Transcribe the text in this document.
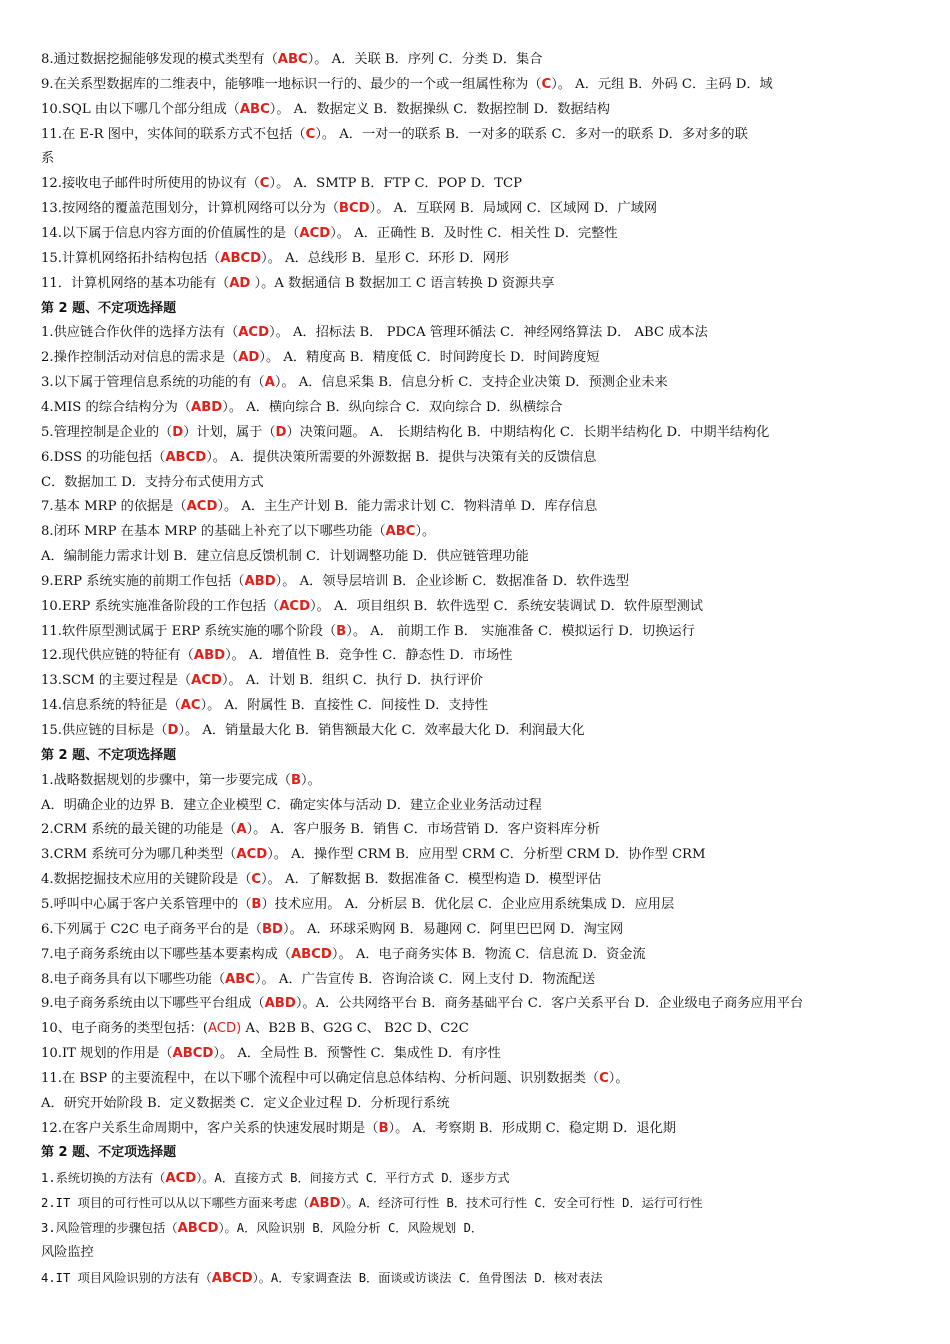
8.通过数据挖掘能够发现的模式类型有（ABC）。 A．关联 B．序列 C．分类 D．集合
9.在关系型数据库的二维表中，能够唯一地标识一行的、最少的一个或一组属性称为（C）。 A．元组 B．外码 C．主码 D．域
10.SQL 由以下哪几个部分组成（ABC）。 A．数据定义 B．数据操纵 C．数据控制 D．数据结构
11.在 E-R 图中，实体间的联系方式不包括（C）。 A．一对一的联系 B．一对多的联系 C．多对一的联系 D．多对多的联
系
12.接收电子邮件时所使用的协议有（C）。 A．SMTP B．FTP C．POP D．TCP
13.按网络的覆盖范围划分，计算机网络可以分为（BCD）。 A．互联网 B．局域网 C．区域网 D．广域网
14.以下属于信息内容方面的价值属性的是（ACD）。 A．正确性 B．及时性 C．相关性 D．完整性
15.计算机网络拓扑结构包括（ABCD）。 A．总线形 B．星形 C．环形 D．网形
11．计算机网络的基本功能有（AD ）。A 数据通信 B 数据加工 C 语言转换 D 资源共享
第 2 题、不定项选择题
1.供应链合作伙伴的选择方法有（ACD）。 A．招标法 B． PDCA 管理环循法 C．神经网络算法 D． ABC 成本法
2.操作控制活动对信息的需求是（AD）。 A．精度高 B．精度低 C．时间跨度长 D．时间跨度短
3.以下属于管理信息系统的功能的有（A）。 A．信息采集 B．信息分析 C．支持企业决策 D．预测企业未来
4.MIS 的综合结构分为（ABD）。 A．横向综合 B．纵向综合 C．双向综合 D．纵横综合
5.管理控制是企业的（D）计划，属于（D）决策问题。 A． 长期结构化 B．中期结构化 C．长期半结构化 D．中期半结构化
6.DSS 的功能包括（ABCD）。 A．提供决策所需要的外源数据 B．提供与决策有关的反馈信息
C．数据加工 D．支持分布式使用方式
7.基本 MRP 的依据是（ACD）。 A．主生产计划 B．能力需求计划 C．物料清单 D．库存信息
8.闭环 MRP 在基本 MRP 的基础上补充了以下哪些功能（ABC）。
A．编制能力需求计划 B．建立信息反馈机制 C．计划调整功能 D．供应链管理功能
9.ERP 系统实施的前期工作包括（ABD）。 A．领导层培训 B．企业诊断 C．数据准备 D．软件选型
10.ERP 系统实施准备阶段的工作包括（ACD）。 A．项目组织 B．软件选型 C．系统安装调试 D．软件原型测试
11.软件原型测试属于 ERP 系统实施的哪个阶段（B）。 A． 前期工作 B． 实施准备 C．模拟运行 D．切换运行
12.现代供应链的特征有（ABD）。 A．增值性 B．竞争性 C．静态性 D．市场性
13.SCM 的主要过程是（ACD）。 A．计划 B．组织 C．执行 D．执行评价
14.信息系统的特征是（AC）。 A．附属性 B．直接性 C．间接性 D．支持性
15.供应链的目标是（D）。 A．销量最大化 B．销售额最大化 C．效率最大化 D．利润最大化
第 2 题、不定项选择题
1.战略数据规划的步骤中，第一步要完成（B）。
A．明确企业的边界 B．建立企业模型 C．确定实体与活动 D．建立企业业务活动过程
2.CRM 系统的最关键的功能是（A）。 A．客户服务 B．销售 C．市场营销 D．客户资料库分析
3.CRM 系统可分为哪几种类型（ACD）。 A．操作型 CRM B．应用型 CRM C．分析型 CRM D．协作型 CRM
4.数据挖掘技术应用的关键阶段是（C）。 A．了解数据 B．数据准备 C．模型构造 D．模型评估
5.呼叫中心属于客户关系管理中的（B）技术应用。 A．分析层 B．优化层 C．企业应用系统集成 D．应用层
6.下列属于 C2C 电子商务平台的是（BD）。 A．环球采购网 B．易趣网 C．阿里巴巴网 D．淘宝网
7.电子商务系统由以下哪些基本要素构成（ABCD）。 A．电子商务实体 B．物流 C．信息流 D．资金流
8.电子商务具有以下哪些功能（ABC）。 A．广告宣传 B．咨询洽谈 C．网上支付 D．物流配送
9.电子商务系统由以下哪些平台组成（ABD）。A．公共网络平台 B．商务基础平台 C．客户关系平台 D．企业级电子商务应用平台
10、电子商务的类型包括：(ACD) A、B2B B、G2G C、 B2C D、C2C
10.IT 规划的作用是（ABCD）。 A．全局性 B．预警性 C．集成性 D．有序性
11.在 BSP 的主要流程中，在以下哪个流程中可以确定信息总体结构、分析问题、识别数据类（C）。
A．研究开始阶段 B．定义数据类 C．定义企业过程 D．分析现行系统
12.在客户关系生命周期中，客户关系的快速发展时期是（B）。 A．考察期 B．形成期 C．稳定期 D．退化期
第 2 题、不定项选择题
1.系统切换的方法有（ACD）。A．直接方式 B．间接方式 C．平行方式 D．逐步方式
2.IT 项目的可行性可以从以下哪些方面来考虑（ABD）。A．经济可行性 B．技术可行性 C．安全可行性 D．运行可行性
3.风险管理的步骤包括（ABCD）。A．风险识别 B．风险分析 C．风险规划 D．
风险监控
4.IT 项目风险识别的方法有（ABCD）。A．专家调查法 B．面谈或访谈法 C．鱼骨图法 D．核对表法
